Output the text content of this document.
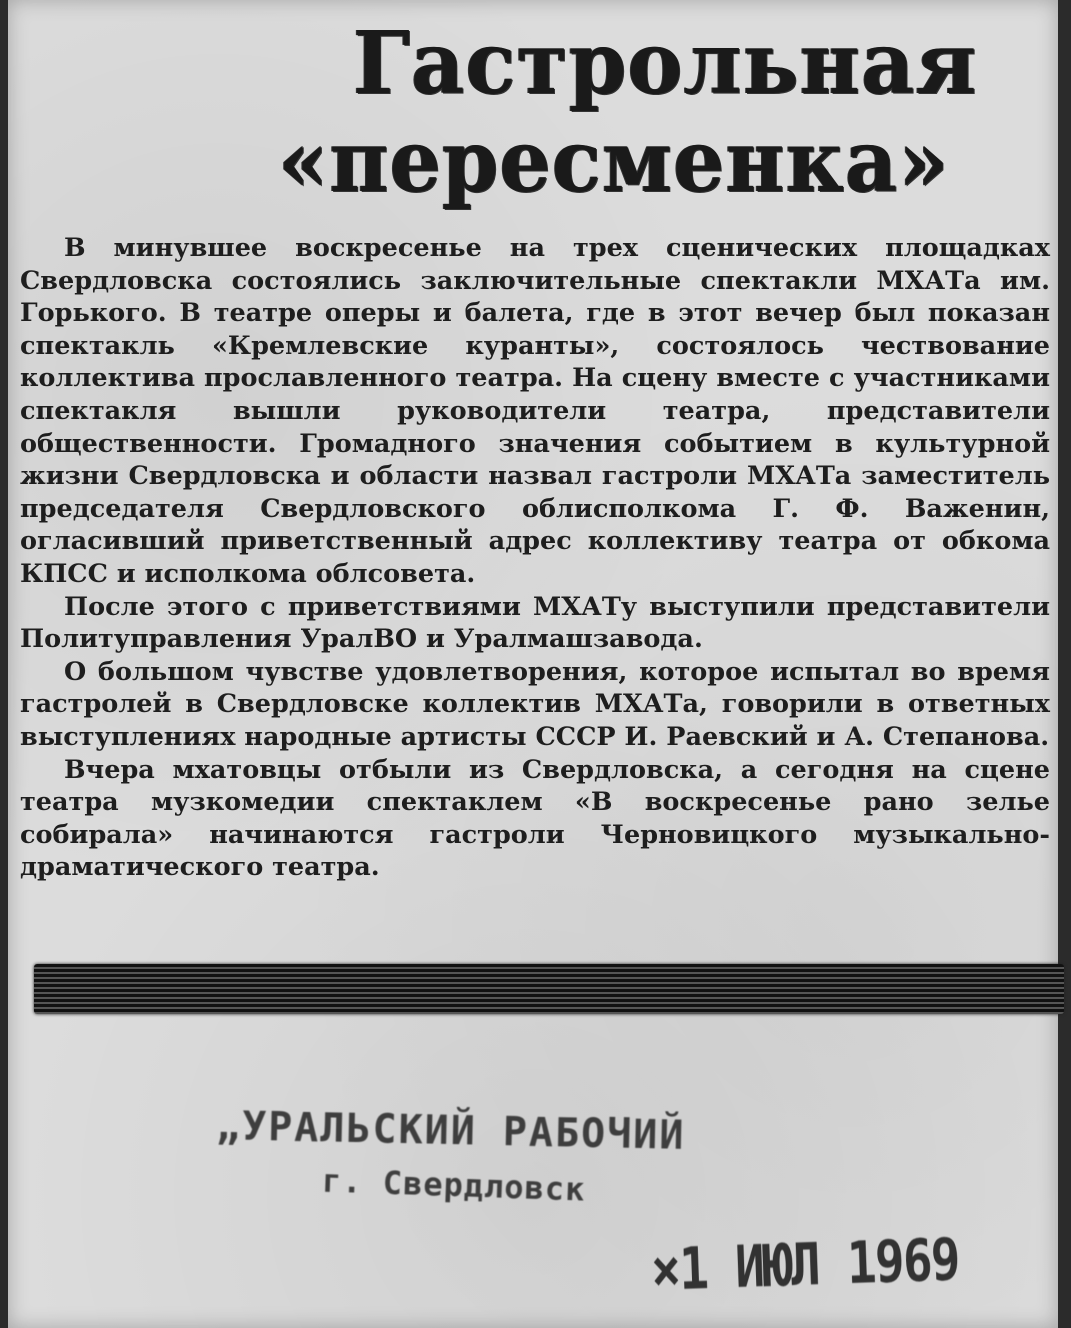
Гастрольная
«пересменка»

В минувшее воскресенье на трех сценических площадках Свердловска состоялись заключительные спектакли МХАТа им. Горького. В театре оперы и балета, где в этот вечер был показан спектакль «Кремлевские куранты», состоялось чествование коллектива прославленного театра. На сцену вместе с участниками спектакля вышли руководители театра, представители общественности. Громадного значения событием в культурной жизни Свердловска и области назвал гастроли МХАТа заместитель председателя Свердловского облисполкома Г. Ф. Важенин, огласивший приветственный адрес коллективу театра от обкома КПСС и исполкома облсовета.

После этого с приветствиями МХАТу выступили представители Политуправления УралВО и Уралмашзавода.

О большом чувстве удовлетворения, которое испытал во время гастролей в Свердловске коллектив МХАТа, говорили в ответных выступлениях народные артисты СССР И. Раевский и А. Степанова.

Вчера мхатовцы отбыли из Свердловска, а сегодня на сцене театра музкомедии спектаклем «В воскресенье рано зелье собирала» начинаются гастроли Черновицкого музыкально-драматического театра.

„УРАЛЬСКИЙ РАБОЧИЙ
г. Свердловск
×1 ИЮЛ 1969
